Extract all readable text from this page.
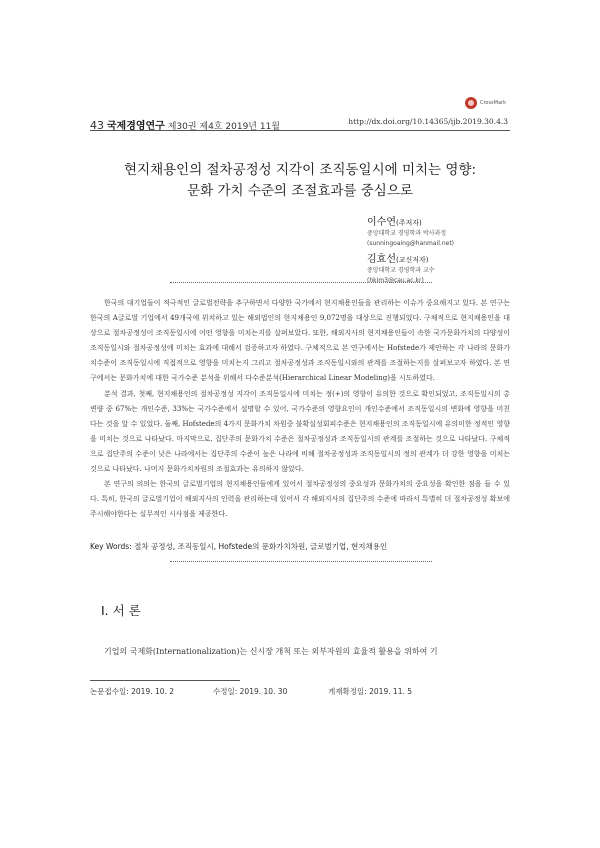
CrossMark
43 국제경영연구 제30권 제4호 2019년 11월
http://dx.doi.org/10.14365/ijb.2019.30.4.3
현지채용인의 절차공정성 지각이 조직동일시에 미치는 영향:
문화 가치 수준의 조절효과를 중심으로
이수연(주저자)
중앙대학교 경영학과 박사과정
(sunningoaing@hanmail.net)
김효선(교신저자)
중앙대학교 경영학과 교수
(hkim3@cau.ac.kr)

한국의 대기업들이 적극적인 글로벌전략을 추구하면서 다양한 국가에서 현지채용인들을 관리하는 이슈가 중요해지고 있다. 본 연구는 한국의 A글로벌 기업에서 49개국에 위치하고 있는 해외법인의 현지채용인 9,072명을 대상으로 진행되었다. 구체적으로 현지채용인을 대상으로 절차공정성이 조직동일시에 어떤 영향을 미치는지를 살펴보았다. 또한, 해외지사의 현지채용인들이 속한 국가문화가치의 다양성이 조직동일시와 절차공정성에 미치는 효과에 대해서 검증하고자 하였다. 구체적으로 본 연구에서는 Hofstede가 제안하는 각 나라의 문화가치수준이 조직동일시에 직접적으로 영향을 미치는지 그리고 절차공정성과 조직동일시와의 관계를 조절하는지를 살펴보고자 하였다. 본 연구에서는 문화가치에 대한 국가수준 분석을 위해서 다수준분석(Hierarchical Linear Modeling)을 시도하였다.

분석 결과, 첫째, 현지채용인의 절차공정성 지각이 조직동일시에 미치는 정(+)의 영향이 유의한 것으로 확인되었고, 조직동일시의 총 변량 중 67%는 개인수준, 33%는 국가수준에서 설명할 수 있어, 국가수준의 영향요인이 개인수준에서 조직동일시의 변화에 영향을 미친다는 것을 알 수 있었다. 둘째, Hofstede의 4가지 문화가치 차원중 불확실성회피수준은 현지채용인의 조직동일시에 유의미한 정적인 영향을 미치는 것으로 나타났다. 마지막으로, 집단주의 문화가치 수준은 절차공정성과 조직동일시의 관계를 조절하는 것으로 나타났다. 구체적으로 집단주의 수준이 낮은 나라에서는 집단주의 수준이 높은 나라에 비해 절차공정성과 조직동일시의 정의 관계가 더 강한 영향을 미치는 것으로 나타났다. 나머지 문화가치차원의 조절효과는 유의하지 않았다.

본 연구의 의의는 한국의 글로벌기업의 현지채용인들에게 있어서 절차공정성의 중요성과 문화가치의 중요성을 확인한 점을 들 수 있다. 특히, 한국의 글로벌기업이 해외지사의 인력을 관리하는데 있어서 각 해외지사의 집단주의 수준에 따라서 특별히 더 절차공정성 확보에 주시해야한다는 실무적인 시사점을 제공한다.

Key Words: 절차 공정성, 조직동일시, Hofstede의 문화가치차원, 글로벌기업, 현지채용인
Ⅰ. 서 론
기업의 국제화(Internationalization)는 신시장 개척 또는 외부자원의 효율적 활용을 위하여 기
논문접수일: 2019. 10. 2	수정일: 2019. 10. 30	게재확정일: 2019. 11. 5
